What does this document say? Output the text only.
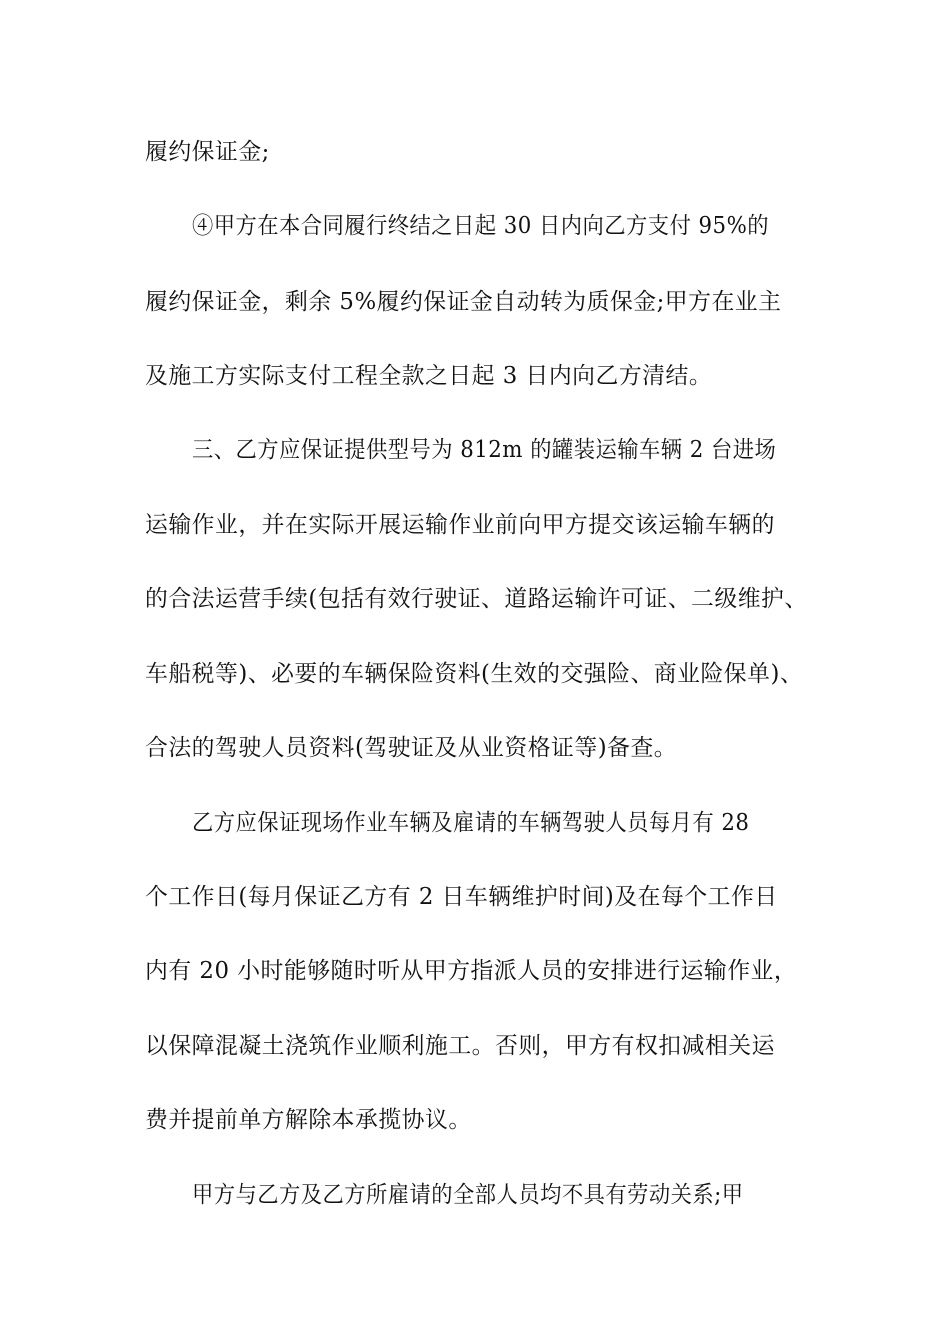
履约保证金;
④甲方在本合同履行终结之日起 30 日内向乙方支付 95%的
履约保证金，剩余 5%履约保证金自动转为质保金;甲方在业主
及施工方实际支付工程全款之日起 3 日内向乙方清结。
三、乙方应保证提供型号为 812m 的罐装运输车辆 2 台进场
运输作业，并在实际开展运输作业前向甲方提交该运输车辆的
的合法运营手续(包括有效行驶证、道路运输许可证、二级维护、
车船税等)、必要的车辆保险资料(生效的交强险、商业险保单)、
合法的驾驶人员资料(驾驶证及从业资格证等)备查。
乙方应保证现场作业车辆及雇请的车辆驾驶人员每月有 28
个工作日(每月保证乙方有 2 日车辆维护时间)及在每个工作日
内有 20 小时能够随时听从甲方指派人员的安排进行运输作业，
以保障混凝土浇筑作业顺利施工。否则，甲方有权扣减相关运
费并提前单方解除本承揽协议。
甲方与乙方及乙方所雇请的全部人员均不具有劳动关系;甲
